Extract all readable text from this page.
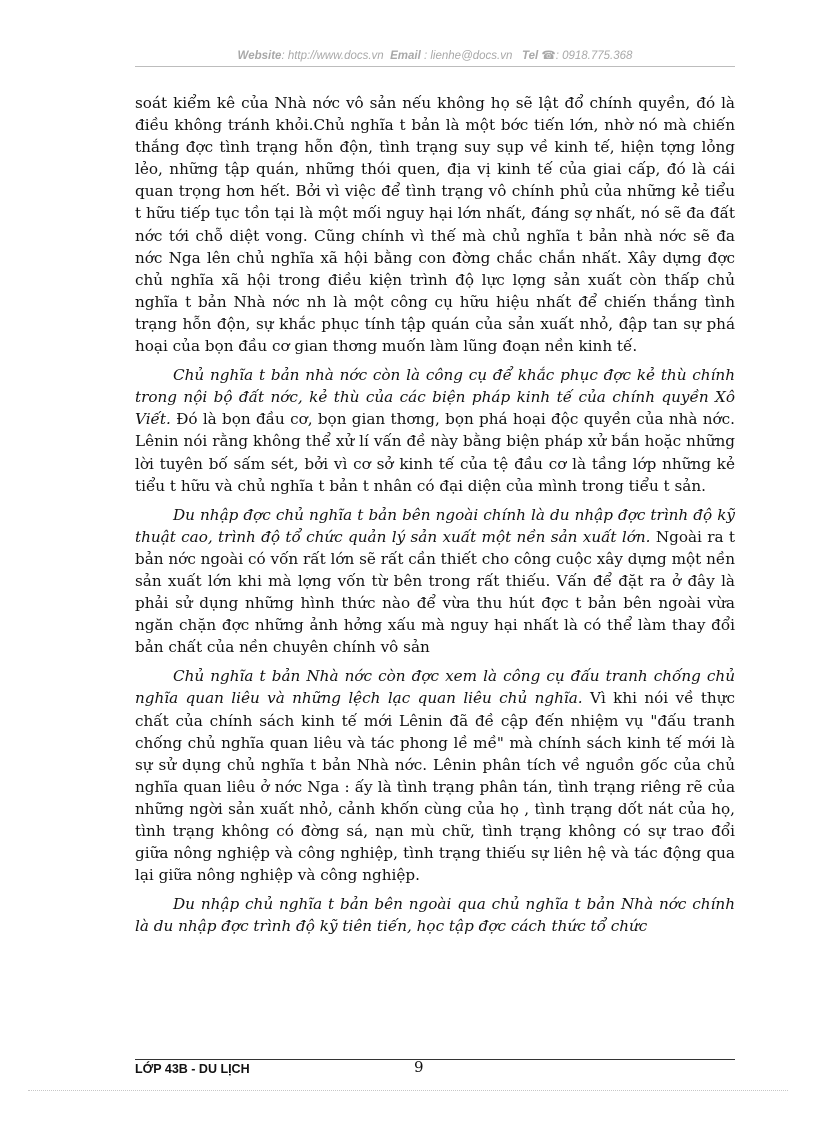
Website: http://www.docs.vn Email : lienhe@docs.vn Tel ☎: 0918.775.368

soát kiểm kê của Nhà nớc vô sản nếu không họ sẽ lật đổ chính quyền, đó là điều không tránh khỏi.Chủ nghĩa t bản là một bớc tiến lớn, nhờ nó mà chiến thắng đợc tình trạng hỗn độn, tình trạng suy sụp về kinh tế, hiện tợng lỏng lẻo, những tập quán, những thói quen, địa vị kinh tế của giai cấp, đó là cái quan trọng hơn hết. Bởi vì việc để tình trạng vô chính phủ của những kẻ tiểu t hữu tiếp tục tồn tại là một mối nguy hại lớn nhất, đáng sợ nhất, nó sẽ đa đất nớc tới chỗ diệt vong. Cũng chính vì thế mà chủ nghĩa t bản nhà nớc sẽ đa nớc Nga lên chủ nghĩa xã hội bằng con đờng chắc chắn nhất. Xây dựng đợc chủ nghĩa xã hội trong điều kiện trình độ lực lợng sản xuất còn thấp chủ nghĩa t bản Nhà nớc nh là một công cụ hữu hiệu nhất để chiến thắng tình trạng hỗn độn, sự khắc phục tính tập quán của sản xuất nhỏ, đập tan sự phá hoại của bọn đầu cơ gian thơng muốn làm lũng đoạn nền kinh tế.

Chủ nghĩa t bản nhà nớc còn là công cụ để khắc phục đợc kẻ thù chính trong nội bộ đất nớc, kẻ thù của các biện pháp kinh tế của chính quyền Xô Viết. Đó là bọn đầu cơ, bọn gian thơng, bọn phá hoại độc quyền của nhà nớc. Lênin nói rằng không thể xử lí vấn đề này bằng biện pháp xử bắn hoặc những lời tuyên bố sấm sét, bởi vì cơ sở kinh tế của tệ đầu cơ là tầng lớp những kẻ tiểu t hữu và chủ nghĩa t bản t nhân có đại diện của mình trong tiểu t sản.

Du nhập đợc chủ nghĩa t bản bên ngoài chính là du nhập đợc trình độ kỹ thuật cao, trình độ tổ chức quản lý sản xuất một nền sản xuất lớn. Ngoài ra t bản nớc ngoài có vốn rất lớn sẽ rất cần thiết cho công cuộc xây dựng một nền sản xuất lớn khi mà lợng vốn từ bên trong rất thiếu. Vấn để đặt ra ở đây là phải sử dụng những hình thức nào để vừa thu hút đợc t bản bên ngoài vừa ngăn chặn đợc những ảnh hởng xấu mà nguy hại nhất là có thể làm thay đổi bản chất của nền chuyên chính vô sản

Chủ nghĩa t bản Nhà nớc còn đợc xem là công cụ đấu tranh chống chủ nghĩa quan liêu và những lệch lạc quan liêu chủ nghĩa. Vì khi nói về thực chất của chính sách kinh tế mới Lênin đã đề cập đến nhiệm vụ "đấu tranh chống chủ nghĩa quan liêu và tác phong lề mề" mà chính sách kinh tế mới là sự sử dụng chủ nghĩa t bản Nhà nớc. Lênin phân tích về nguồn gốc của chủ nghĩa quan liêu ở nớc Nga : ấy là tình trạng phân tán, tình trạng riêng rẽ của những ngời sản xuất nhỏ, cảnh khốn cùng của họ , tình trạng dốt nát của họ, tình trạng không có đờng sá, nạn mù chữ, tình trạng không có sự trao đổi giữa nông nghiệp và công nghiệp, tình trạng thiếu sự liên hệ và tác động qua lại giữa nông nghiệp và công nghiệp.

Du nhập chủ nghĩa t bản bên ngoài qua chủ nghĩa t bản Nhà nớc chính là du nhập đợc trình độ kỹ tiên tiến, học tập đợc cách thức tổ chức

LỚP 43B - DU LỊCH	9
